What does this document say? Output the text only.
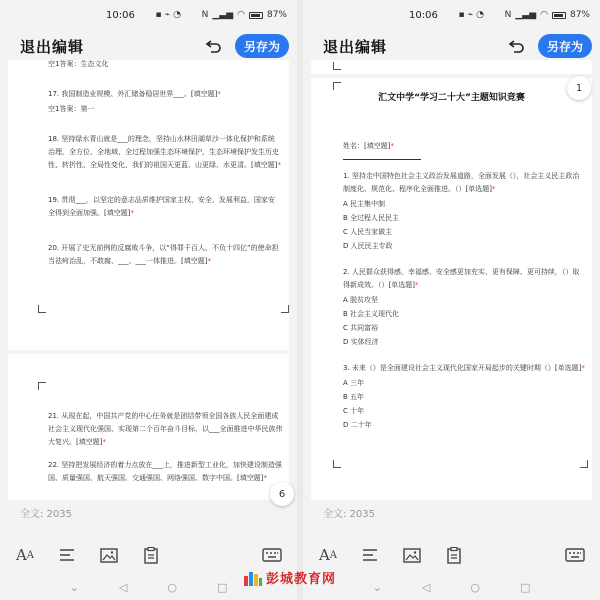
10:06 ▪ ⌁ ◔ N ▁▃▅ ◠ 87%
退出编辑	另存为
空1答案：生态文化
17. 我国制造业规模、外汇储备稳居世界___。[填空题]*
空1答案：第一
18. 坚持绿水青山就是___的理念，坚持山水林田湖草沙一体化保护和系统治理，全方位、全地域、全过程加强生态环境保护，生态环境保护发生历史性、转折性、全局性变化，我们的祖国天更蓝、山更绿、水更清。[填空题]*
19. 贯彻___，以坚定的意志品质维护国家主权、安全、发展利益，国家安全得到全面加强。[填空题]*
20. 开展了史无前例的反腐败斗争，以“得罪千百人、不负十四亿”的使命担当祛疴治乱，不敢腐、___、___一体推进。[填空题]*
21. 从现在起，中国共产党的中心任务就是团结带领全国各族人民全面建成社会主义现代化强国、实现第二个百年奋斗目标，以___全面推进中华民族伟大复兴。[填空题]*
22. 坚持把发展经济的着力点放在___上，推进新型工业化，加快建设制造强国、质量强国、航天强国、交通强国、网络强国、数字中国。[填空题]*
6
全文: 2035
A A
⌄	◁	○	□
10:06 ▪ ⌁ ◔ N ▁▃▅ ◠ 87%
退出编辑	另存为
汇文中学“学习二十大”主题知识竞赛
姓名：[填空题]*
1. 坚持走中国特色社会主义政治发展道路，全面发展（），社会主义民主政治制度化、规范化、程序化全面推进。（）[单选题]*
A 民主集中制
B 全过程人民民主
C 人民当家做主
D 人民民主专政
2. 人民群众获得感、幸福感、安全感更加充实、更有保障、更可持续，（）取得新成效。（）[单选题]*
A 脱贫攻坚
B 社会主义现代化
C 共同富裕
D 实体经济
3. 未来（）是全面建设社会主义现代化国家开局起步的关键时期（）[单选题]*
A 三年
B 五年
C 十年
D 二十年
1
全文: 2035
A A
⌄	◁	○	□
彭城教育网
